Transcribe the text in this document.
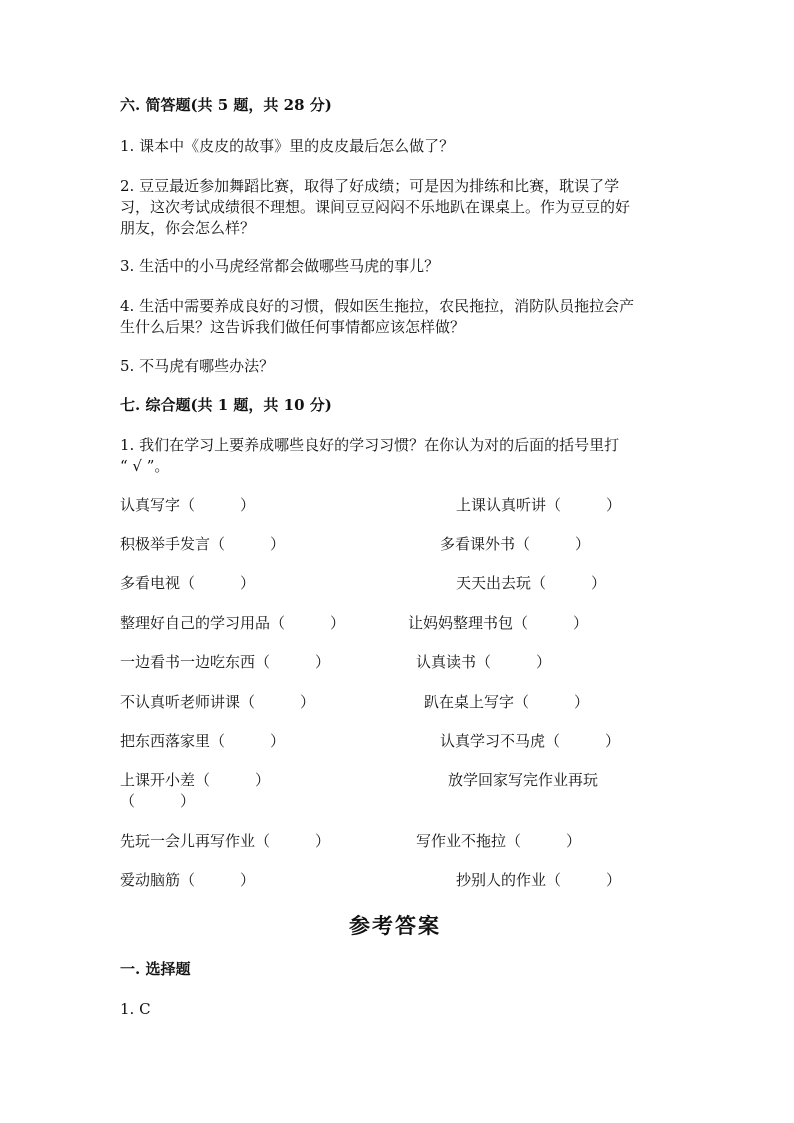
六. 简答题(共 5 题，共 28 分)
1. 课本中《皮皮的故事》里的皮皮最后怎么做了？
2. 豆豆最近参加舞蹈比赛，取得了好成绩；可是因为排练和比赛，耽误了学
习，这次考试成绩很不理想。课间豆豆闷闷不乐地趴在课桌上。作为豆豆的好
朋友，你会怎么样？
3. 生活中的小马虎经常都会做哪些马虎的事儿？
4. 生活中需要养成良好的习惯，假如医生拖拉，农民拖拉，消防队员拖拉会产
生什么后果？这告诉我们做任何事情都应该怎样做？
5. 不马虎有哪些办法？
七. 综合题(共 1 题，共 10 分)
1. 我们在学习上要养成哪些良好的学习习惯？在你认为对的后面的括号里打
“ √ ”。
认真写字（　　　）	上课认真听讲（　　　）
积极举手发言（　　　）	多看课外书（　　　）
多看电视（　　　）	天天出去玩（　　　）
整理好自己的学习用品（　　　）	让妈妈整理书包（　　　）
一边看书一边吃东西（　　　）	认真读书（　　　）
不认真听老师讲课（　　　）	趴在桌上写字（　　　）
把东西落家里（　　　）	认真学习不马虎（　　　）
上课开小差（　　　）	放学回家写完作业再玩
（　　　）
先玩一会儿再写作业（　　　）	写作业不拖拉（　　　）
爱动脑筋（　　　）	抄别人的作业（　　　）
参考答案
一. 选择题
1. C
